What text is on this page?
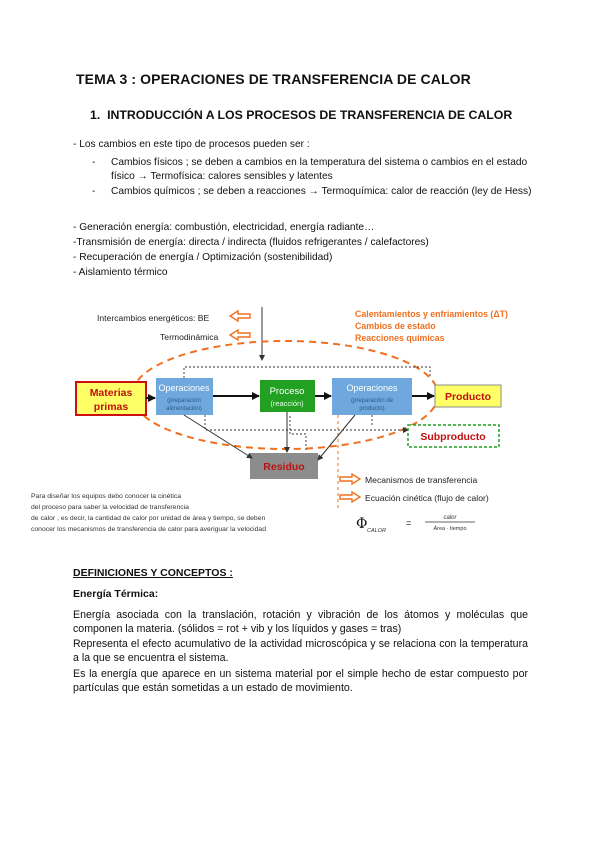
TEMA 3 : OPERACIONES DE TRANSFERENCIA DE CALOR
1. INTRODUCCIÓN A LOS PROCESOS DE TRANSFERENCIA DE CALOR
- Los cambios en este tipo de procesos pueden ser :
- Cambios físicos ; se deben a cambios en la temperatura del sistema o cambios en el estado físico → Termofísica: calores sensibles y latentes
- Cambios químicos ; se deben a reacciones → Termoquímica: calor de reacción (ley de Hess)
- Generación energía: combustión, electricidad, energía radiante…
-Transmisión de energía: directa / indirecta (fluidos refrigerantes / calefactores)
- Recuperación de energía / Optimización (sostenibilidad)
- Aislamiento térmico
Intercambios energéticos: BE
Termodinámica
Calentamientos y enfriamientos (ΔT)
Cambios de estado
Reacciones químicas
Materias
primas
Operaciones
(preparación
alimentación)
Proceso
(reacción)
Operaciones
(preparación de
producto)
Producto
Subproducto
Residuo
Mecanismos de transferencia
Ecuación cinética (flujo de calor)
Φ CALOR
=	calor
Área · tiempo
Para diseñar los equipos debo conocer la cinética
del proceso para saber la velocidad de transferencia
de calor , es decir, la cantidad de calor por unidad de área y tiempo, se deben
conocer los mecanismos de transferencia de calor para averiguar la velocidad
DEFINICIONES Y CONCEPTOS :
Energía Térmica:
Energía asociada con la translación, rotación y vibración de los átomos y moléculas que componen la materia. (sólidos = rot + vib y los líquidos y gases = tras)
Representa el efecto acumulativo de la actividad microscópica y se relaciona con la temperatura a la que se encuentra el sistema.
Es la energía que aparece en un sistema material por el simple hecho de estar compuesto por partículas que están sometidas a un estado de movimiento.
